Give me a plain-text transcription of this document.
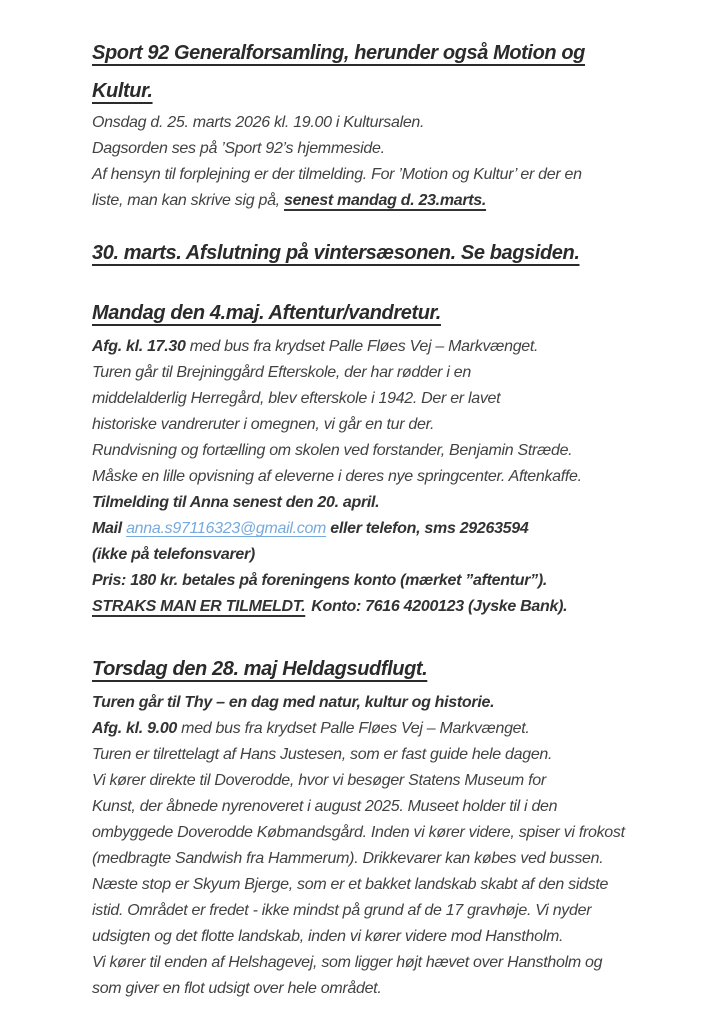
Sport 92 Generalforsamling, herunder også Motion og
Kultur.
Onsdag d. 25. marts 2026 kl. 19.00 i Kultursalen.
Dagsorden ses på ’Sport 92’s hjemmeside.
Af hensyn til forplejning er der tilmelding. For ’Motion og Kultur’ er der en
liste, man kan skrive sig på, senest mandag d. 23.marts.
30. marts. Afslutning på vintersæsonen. Se bagsiden.
Mandag den 4.maj. Aftentur/vandretur.
Afg. kl. 17.30 med bus fra krydset Palle Fløes Vej – Markvænget.
Turen går til Brejninggård Efterskole, der har rødder i en
middelalderlig Herregård, blev efterskole i 1942. Der er lavet
historiske vandreruter i omegnen, vi går en tur der.
Rundvisning og fortælling om skolen ved forstander, Benjamin Stræde.
Måske en lille opvisning af eleverne i deres nye springcenter. Aftenkaffe.
Tilmelding til Anna senest den 20. april.
Mail anna.s97116323@gmail.com eller telefon, sms 29263594
(ikke på telefonsvarer)
Pris: 180 kr. betales på foreningens konto (mærket ”aftentur”).
STRAKS MAN ER TILMELDT. Konto: 7616 4200123 (Jyske Bank).
Torsdag den 28. maj Heldagsudflugt.
Turen går til Thy – en dag med natur, kultur og historie.
Afg. kl. 9.00 med bus fra krydset Palle Fløes Vej – Markvænget.
Turen er tilrettelagt af Hans Justesen, som er fast guide hele dagen.
Vi kører direkte til Doverodde, hvor vi besøger Statens Museum for
Kunst, der åbnede nyrenoveret i august 2025. Museet holder til i den
ombyggede Doverodde Købmandsgård. Inden vi kører videre, spiser vi frokost
(medbragte Sandwish fra Hammerum). Drikkevarer kan købes ved bussen.
Næste stop er Skyum Bjerge, som er et bakket landskab skabt af den sidste
istid. Området er fredet - ikke mindst på grund af de 17 gravhøje. Vi nyder
udsigten og det flotte landskab, inden vi kører videre mod Hanstholm.
Vi kører til enden af Helshagevej, som ligger højt hævet over Hanstholm og
som giver en flot udsigt over hele området.
